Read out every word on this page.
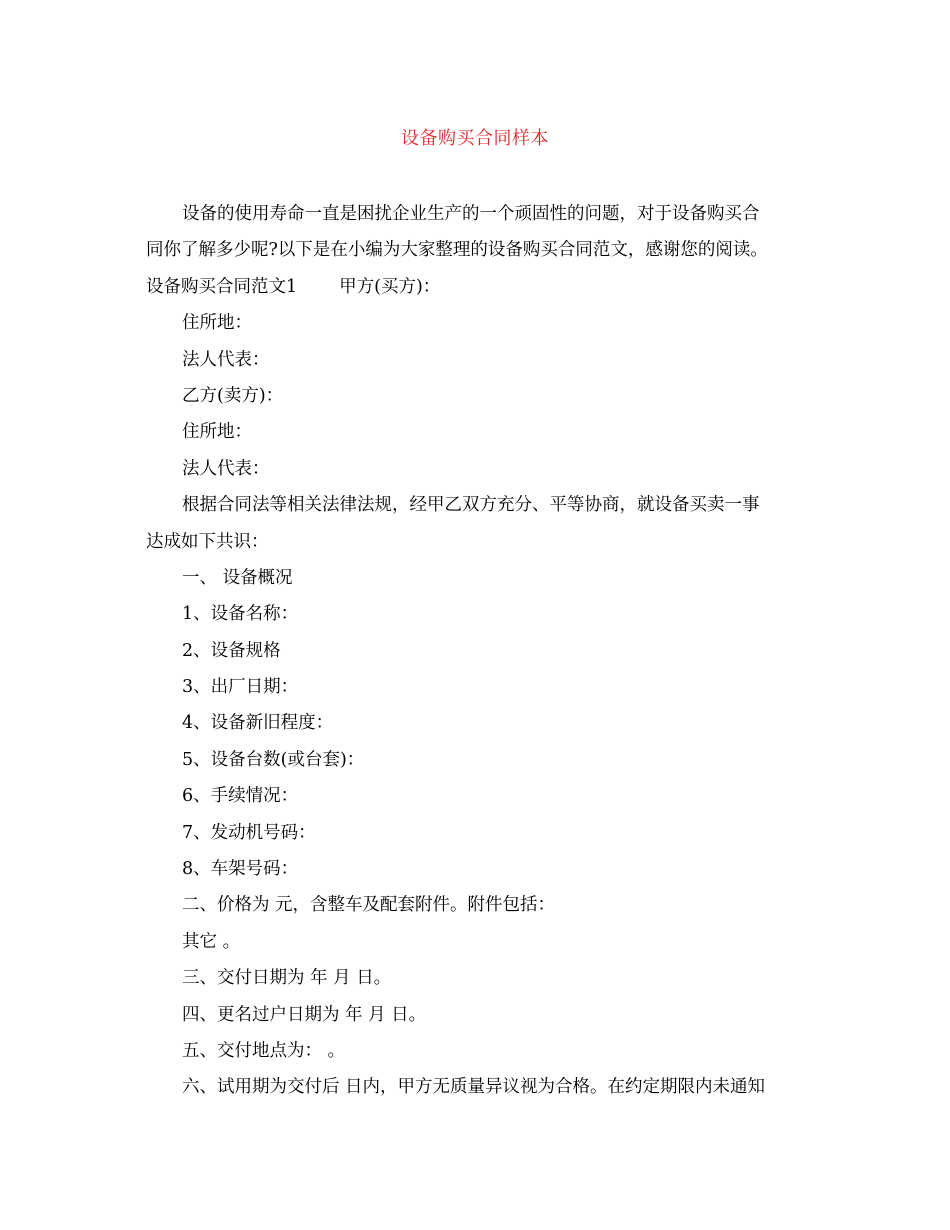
设备购买合同样本
设备的使用寿命一直是困扰企业生产的一个顽固性的问题，对于设备购买合
同你了解多少呢?以下是在小编为大家整理的设备购买合同范文，感谢您的阅读。
设备购买合同范文1 甲方(买方)：
住所地：
法人代表：
乙方(卖方)：
住所地：
法人代表：
根据合同法等相关法律法规，经甲乙双方充分、平等协商，就设备买卖一事
达成如下共识：
一、 设备概况
1、设备名称：
2、设备规格
3、出厂日期：
4、设备新旧程度：
5、设备台数(或台套)：
6、手续情况：
7、发动机号码：
8、车架号码：
二、价格为 元，含整车及配套附件。附件包括：
其它 。
三、交付日期为 年 月 日。
四、更名过户日期为 年 月 日。
五、交付地点为： 。
六、试用期为交付后 日内，甲方无质量异议视为合格。在约定期限内未通知
